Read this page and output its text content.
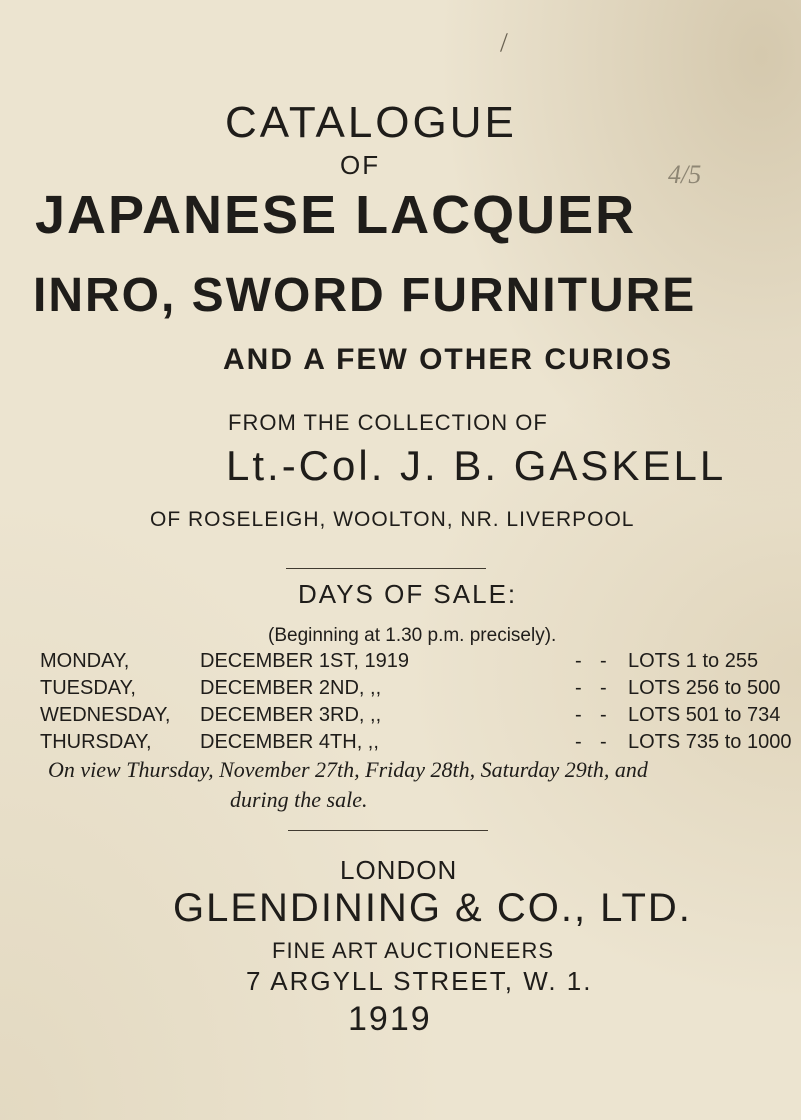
/
4/5
CATALOGUE
OF
JAPANESE LACQUER
INRO, SWORD FURNITURE
AND A FEW OTHER CURIOS
FROM THE COLLECTION OF
Lt.-Col. J. B. GASKELL
OF ROSELEIGH, WOOLTON, NR. LIVERPOOL
DAYS OF SALE:
(Beginning at 1.30 p.m. precisely).
MONDAY,	DECEMBER 1ST, 1919	- - LOTS 1 to 255
TUESDAY,	DECEMBER 2ND, ,,	- - LOTS 256 to 500
WEDNESDAY, DECEMBER 3RD, ,,	- - LOTS 501 to 734
THURSDAY, DECEMBER 4TH, ,,	- - LOTS 735 to 1000
On view Thursday, November 27th, Friday 28th, Saturday 29th, and
during the sale.
LONDON
GLENDINING & CO., LTD.
FINE ART AUCTIONEERS
7 ARGYLL STREET, W. 1.
1919
